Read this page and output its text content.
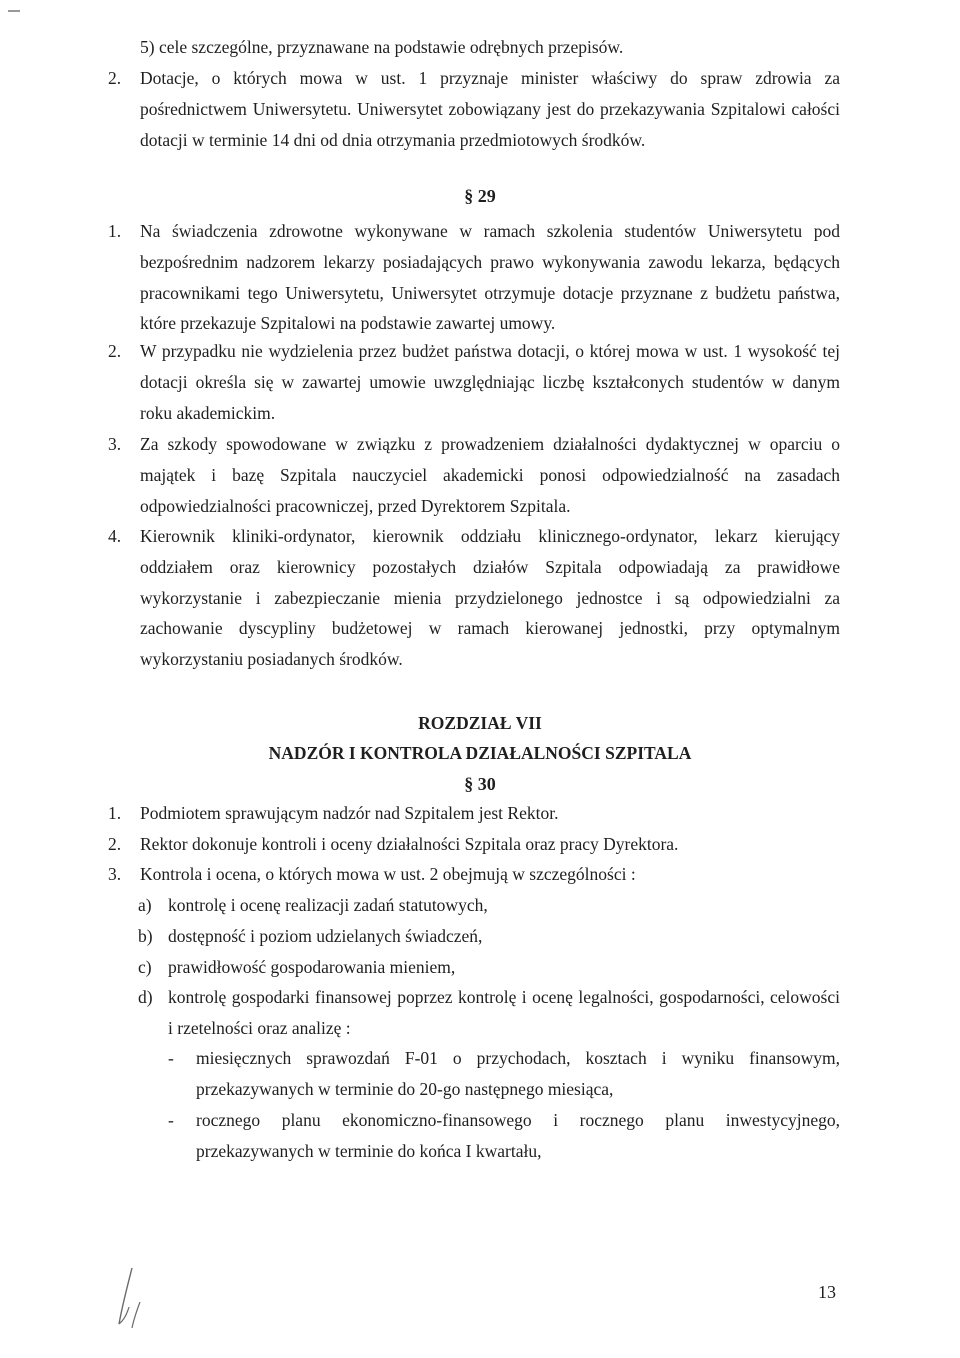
5) cele szczególne, przyznawane na podstawie odrębnych przepisów.
2. Dotacje, o których mowa w ust. 1 przyznaje minister właściwy do spraw zdrowia za
pośrednictwem Uniwersytetu. Uniwersytet zobowiązany jest do przekazywania Szpitalowi całości
dotacji w terminie 14 dni od dnia otrzymania przedmiotowych środków.
§ 29
1. Na świadczenia zdrowotne wykonywane w ramach szkolenia studentów Uniwersytetu pod
bezpośrednim nadzorem lekarzy posiadających prawo wykonywania zawodu lekarza, będących
pracownikami tego Uniwersytetu, Uniwersytet otrzymuje dotacje przyznane z budżetu państwa,
które przekazuje Szpitalowi na podstawie zawartej umowy.
2. W przypadku nie wydzielenia przez budżet państwa dotacji, o której mowa w ust. 1 wysokość tej
dotacji określa się w zawartej umowie uwzględniając liczbę kształconych studentów w danym
roku akademickim.
3. Za szkody spowodowane w związku z prowadzeniem działalności dydaktycznej w oparciu o
majątek i bazę Szpitala nauczyciel akademicki ponosi odpowiedzialność na zasadach
odpowiedzialności pracowniczej, przed Dyrektorem Szpitala.
4. Kierownik kliniki-ordynator, kierownik oddziału klinicznego-ordynator, lekarz kierujący
oddziałem oraz kierownicy pozostałych działów Szpitala odpowiadają za prawidłowe
wykorzystanie i zabezpieczanie mienia przydzielonego jednostce i są odpowiedzialni za
zachowanie dyscypliny budżetowej w ramach kierowanej jednostki, przy optymalnym
wykorzystaniu posiadanych środków.
ROZDZIAŁ VII
NADZÓR I KONTROLA DZIAŁALNOŚCI SZPITALA
§ 30
1. Podmiotem sprawującym nadzór nad Szpitalem jest Rektor.
2. Rektor dokonuje kontroli i oceny działalności Szpitala oraz pracy Dyrektora.
3. Kontrola i ocena, o których mowa w ust. 2 obejmują w szczególności :
a) kontrolę i ocenę realizacji zadań statutowych,
b) dostępność i poziom udzielanych świadczeń,
c) prawidłowość gospodarowania mieniem,
d) kontrolę gospodarki finansowej poprzez kontrolę i ocenę legalności, gospodarności, celowości
i rzetelności oraz analizę :
- miesięcznych sprawozdań F-01 o przychodach, kosztach i wyniku finansowym,
przekazywanych w terminie do 20-go następnego miesiąca,
- rocznego planu ekonomiczno-finansowego i rocznego planu inwestycyjnego,
przekazywanych w terminie do końca I kwartału,
13
